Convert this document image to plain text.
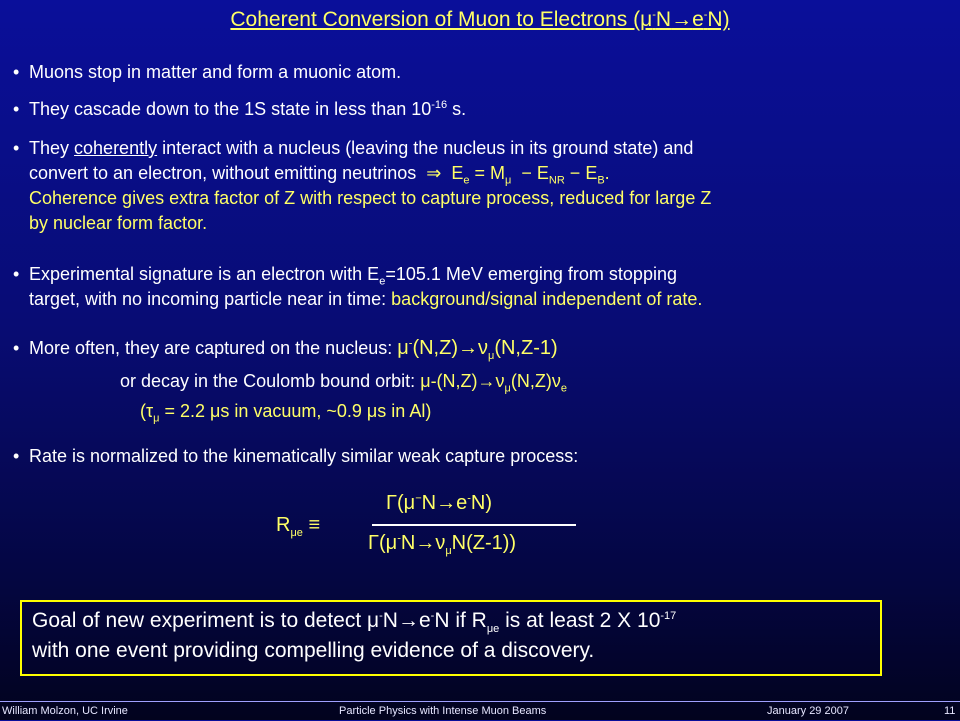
Coherent Conversion of Muon to Electrons (μ-N→e-N)
• Muons stop in matter and form a muonic atom.
• They cascade down to the 1S state in less than $10^{-16}$ s.
• They coherently interact with a nucleus (leaving the nucleus in its ground state) and
convert to an electron, without emitting neutrinos ⇒ $E_e = M_\mu - E_{NR} - E_B$.
Coherence gives extra factor of Z with respect to capture process, reduced for large Z
by nuclear form factor.
• Experimental signature is an electron with $E_e=105.1$ MeV emerging from stopping
target, with no incoming particle near in time: background/signal independent of rate.
• More often, they are captured on the nucleus: $\mu^-(N,Z)\to\nu_\mu(N,Z-1)$
or decay in the Coulomb bound orbit: $\mu-(N,Z)\to\nu_\mu(N,Z)\nu_e$
($\tau_\mu = 2.2$ μs in vacuum, ~0.9 μs in Al)
• Rate is normalized to the kinematically similar weak capture process:
$R_{\mu e}$ ≡
Γ(μ−N→e-N)
$\Gamma(\mu^-N\to\nu_\mu N(Z-1))$
Goal of new experiment is to detect μ-N→e-N if $R_{\mu e}$ is at least 2 X $10^{-17}$
with one event providing compelling evidence of a discovery.
William Molzon, UC Irvine	Particle Physics with Intense Muon Beams	January 29 2007	11
